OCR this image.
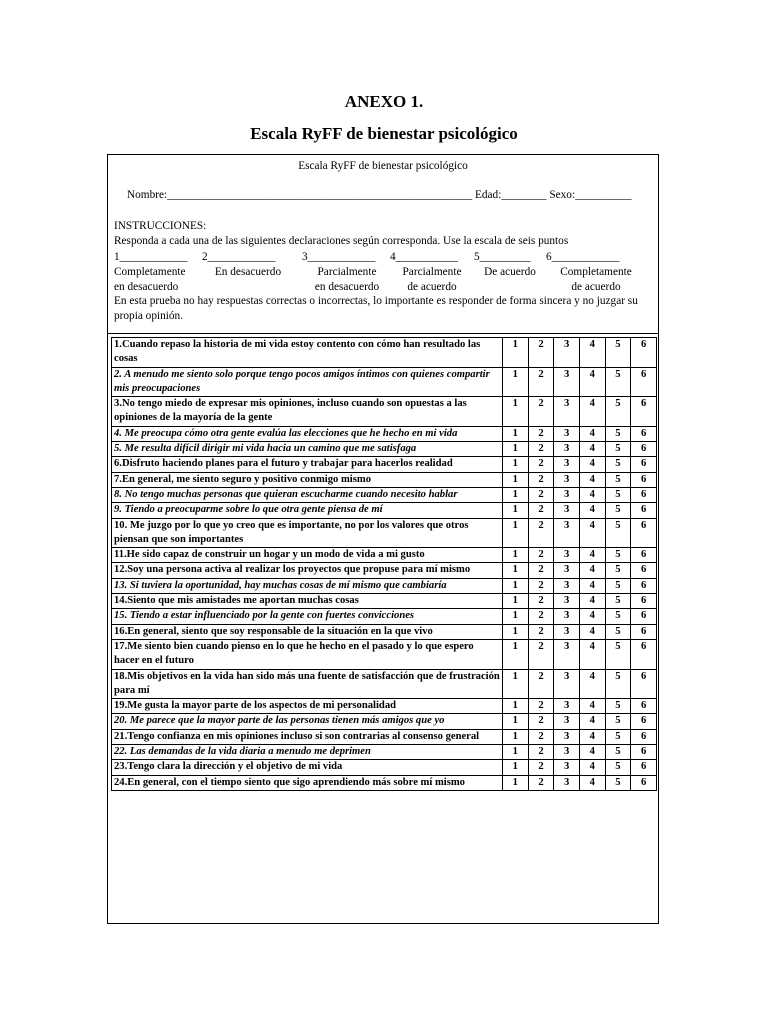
ANEXO 1.
Escala RyFF de bienestar psicológico
Escala RyFF de bienestar psicológico
Nombre:______________________________________________________ Edad:________ Sexo:__________
INSTRUCCIONES:
Responda a cada una de las siguientes declaraciones según corresponda. Use la escala de seis puntos
1____________
Completamente
en desacuerdo
2____________
En desacuerdo
3____________
Parcialmente
en desacuerdo
4___________
Parcialmente
de acuerdo
5_________
De acuerdo
6____________
Completamente
de acuerdo
En esta prueba no hay respuestas correctas o incorrectas, lo importante es responder de forma sincera y no juzgar su propia opinión.
1.Cuando repaso la historia de mi vida estoy contento con cómo han resultado las cosas	1	2	3	4	5	6
2. A menudo me siento solo porque tengo pocos amigos íntimos con quienes compartir mis preocupaciones	1	2	3	4	5	6
3.No tengo miedo de expresar mis opiniones, incluso cuando son opuestas a las opiniones de la mayoría de la gente	1	2	3	4	5	6
4. Me preocupa cómo otra gente evalúa las elecciones que he hecho en mi vida	1	2	3	4	5	6
5. Me resulta difícil dirigir mi vida hacia un camino que me satisfaga	1	2	3	4	5	6
6.Disfruto haciendo planes para el futuro y trabajar para hacerlos realidad	1	2	3	4	5	6
7.En general, me siento seguro y positivo conmigo mismo	1	2	3	4	5	6
8. No tengo muchas personas que quieran escucharme cuando necesito hablar	1	2	3	4	5	6
9. Tiendo a preocuparme sobre lo que otra gente piensa de mí	1	2	3	4	5	6
10. Me juzgo por lo que yo creo que es importante, no por los valores que otros piensan que son importantes	1	2	3	4	5	6
11.He sido capaz de construir un hogar y un modo de vida a mi gusto	1	2	3	4	5	6
12.Soy una persona activa al realizar los proyectos que propuse para mí mismo	1	2	3	4	5	6
13. Si tuviera la oportunidad, hay muchas cosas de mí mismo que cambiaría	1	2	3	4	5	6
14.Siento que mis amistades me aportan muchas cosas	1	2	3	4	5	6
15. Tiendo a estar influenciado por la gente con fuertes convicciones	1	2	3	4	5	6
16.En general, siento que soy responsable de la situación en la que vivo	1	2	3	4	5	6
17.Me siento bien cuando pienso en lo que he hecho en el pasado y lo que espero hacer en el futuro	1	2	3	4	5	6
18.Mis objetivos en la vida han sido más una fuente de satisfacción que de frustración para mí	1	2	3	4	5	6
19.Me gusta la mayor parte de los aspectos de mi personalidad	1	2	3	4	5	6
20. Me parece que la mayor parte de las personas tienen más amigos que yo	1	2	3	4	5	6
21.Tengo confianza en mis opiniones incluso si son contrarias al consenso general	1	2	3	4	5	6
22. Las demandas de la vida diaria a menudo me deprimen	1	2	3	4	5	6
23.Tengo clara la dirección y el objetivo de mi vida	1	2	3	4	5	6
24.En general, con el tiempo siento que sigo aprendiendo más sobre mí mismo	1	2	3	4	5	6
